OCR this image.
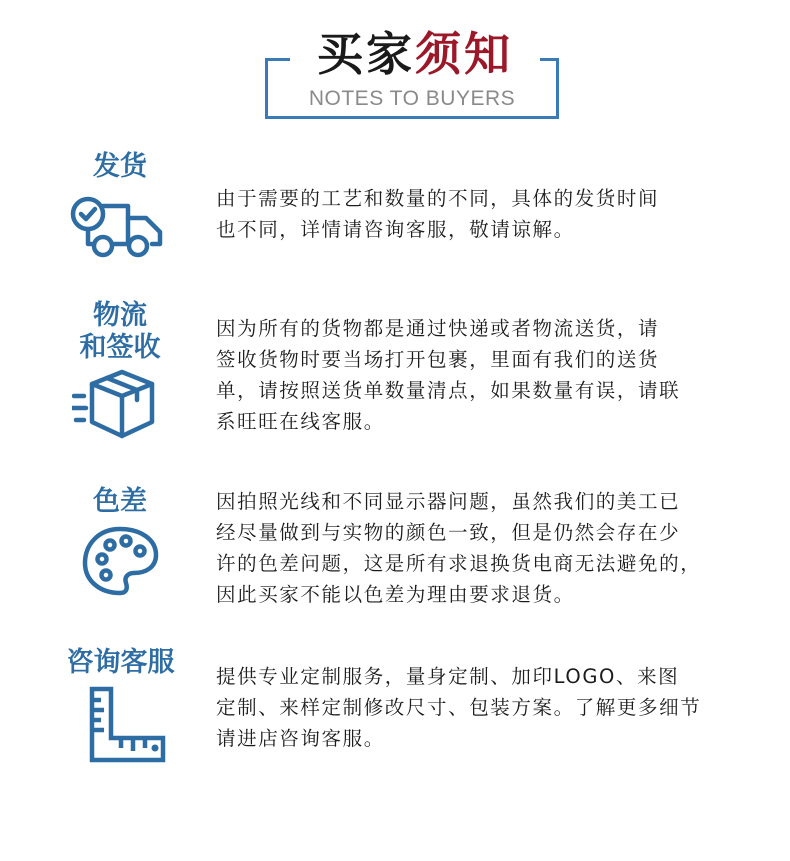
买家须知
NOTES TO BUYERS
发货
由于需要的工艺和数量的不同，具体的发货时间
也不同，详情请咨询客服，敬请谅解。
物流
和签收
因为所有的货物都是通过快递或者物流送货，请
签收货物时要当场打开包裹，里面有我们的送货
单，请按照送货单数量清点，如果数量有误，请联
系旺旺在线客服。
色差	因拍照光线和不同显示器问题，虽然我们的美工已
经尽量做到与实物的颜色一致，但是仍然会存在少
许的色差问题，这是所有求退换货电商无法避免的，
因此买家不能以色差为理由要求退货。
咨询客服	提供专业定制服务，量身定制、加印LOGO、来图
定制、来样定制修改尺寸、包装方案。了解更多细节
请进店咨询客服。
